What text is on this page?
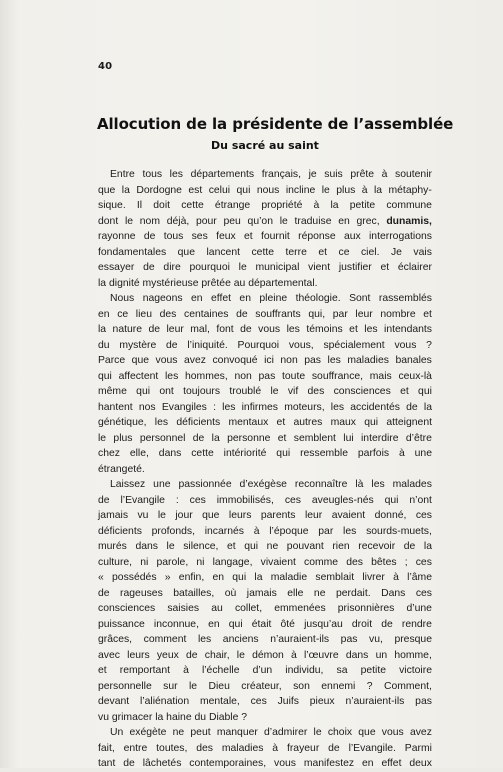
40
Allocution de la présidente de l’assemblée
Du sacré au saint
Entre tous les départements français, je suis prête à soutenir
que la Dordogne est celui qui nous incline le plus à la métaphy-
sique. Il doit cette étrange propriété à la petite commune
dont le nom déjà, pour peu qu’on le traduise en grec, dunamis,
rayonne de tous ses feux et fournit réponse aux interrogations
fondamentales que lancent cette terre et ce ciel. Je vais
essayer de dire pourquoi le municipal vient justifier et éclairer
la dignité mystérieuse prêtée au départemental.
Nous nageons en effet en pleine théologie. Sont rassemblés
en ce lieu des centaines de souffrants qui, par leur nombre et
la nature de leur mal, font de vous les témoins et les intendants
du mystère de l’iniquité. Pourquoi vous, spécialement vous ?
Parce que vous avez convoqué ici non pas les maladies banales
qui affectent les hommes, non pas toute souffrance, mais ceux-là
même qui ont toujours troublé le vif des consciences et qui
hantent nos Evangiles : les infirmes moteurs, les accidentés de la
génétique, les déficients mentaux et autres maux qui atteignent
le plus personnel de la personne et semblent lui interdire d’être
chez elle, dans cette intériorité qui ressemble parfois à une
étrangeté.
Laissez une passionnée d’exégèse reconnaître là les malades
de l’Evangile : ces immobilisés, ces aveugles-nés qui n’ont
jamais vu le jour que leurs parents leur avaient donné, ces
déficients profonds, incarnés à l’époque par les sourds-muets,
murés dans le silence, et qui ne pouvant rien recevoir de la
culture, ni parole, ni langage, vivaient comme des bêtes ; ces
« possédés » enfin, en qui la maladie semblait livrer à l’âme
de rageuses batailles, où jamais elle ne perdait. Dans ces
consciences saisies au collet, emmenées prisonnières d’une
puissance inconnue, en qui était ôté jusqu’au droit de rendre
grâces, comment les anciens n’auraient-ils pas vu, presque
avec leurs yeux de chair, le démon à l’œuvre dans un homme,
et remportant à l’échelle d’un individu, sa petite victoire
personnelle sur le Dieu créateur, son ennemi ? Comment,
devant l’aliénation mentale, ces Juifs pieux n’auraient-ils pas
vu grimacer la haine du Diable ?
Un exégète ne peut manquer d’admirer le choix que vous avez
fait, entre toutes, des maladies à frayeur de l’Evangile. Parmi
tant de lâchetés contemporaines, vous manifestez en effet deux
